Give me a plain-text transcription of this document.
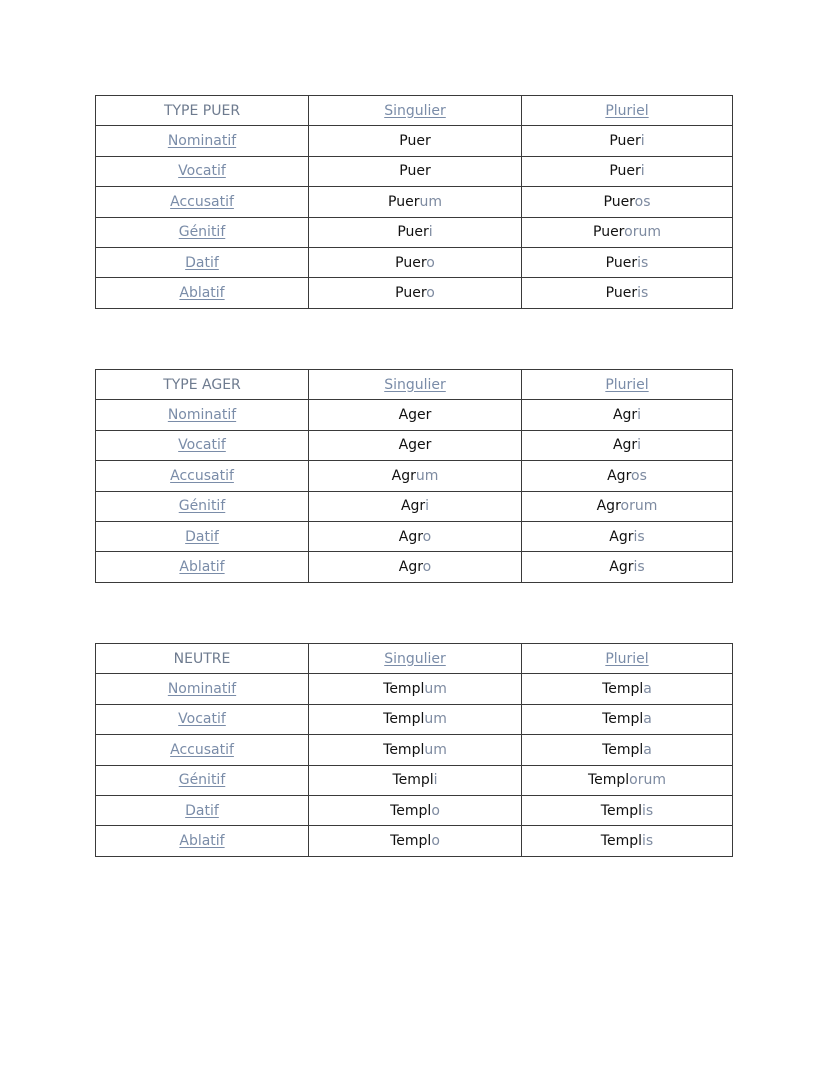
TYPE PUER	Singulier	Pluriel
Nominatif	Puer	Pueri
Vocatif	Puer	Pueri
Accusatif	Puerum	Pueros
Génitif	Pueri	Puerorum
Datif	Puero	Pueris
Ablatif	Puero	Pueris
TYPE AGER	Singulier	Pluriel
Nominatif	Ager	Agri
Vocatif	Ager	Agri
Accusatif	Agrum	Agros
Génitif	Agri	Agrorum
Datif	Agro	Agris
Ablatif	Agro	Agris
NEUTRE	Singulier	Pluriel
Nominatif	Templum	Templa
Vocatif	Templum	Templa
Accusatif	Templum	Templa
Génitif	Templi	Templorum
Datif	Templo	Templis
Ablatif	Templo	Templis
